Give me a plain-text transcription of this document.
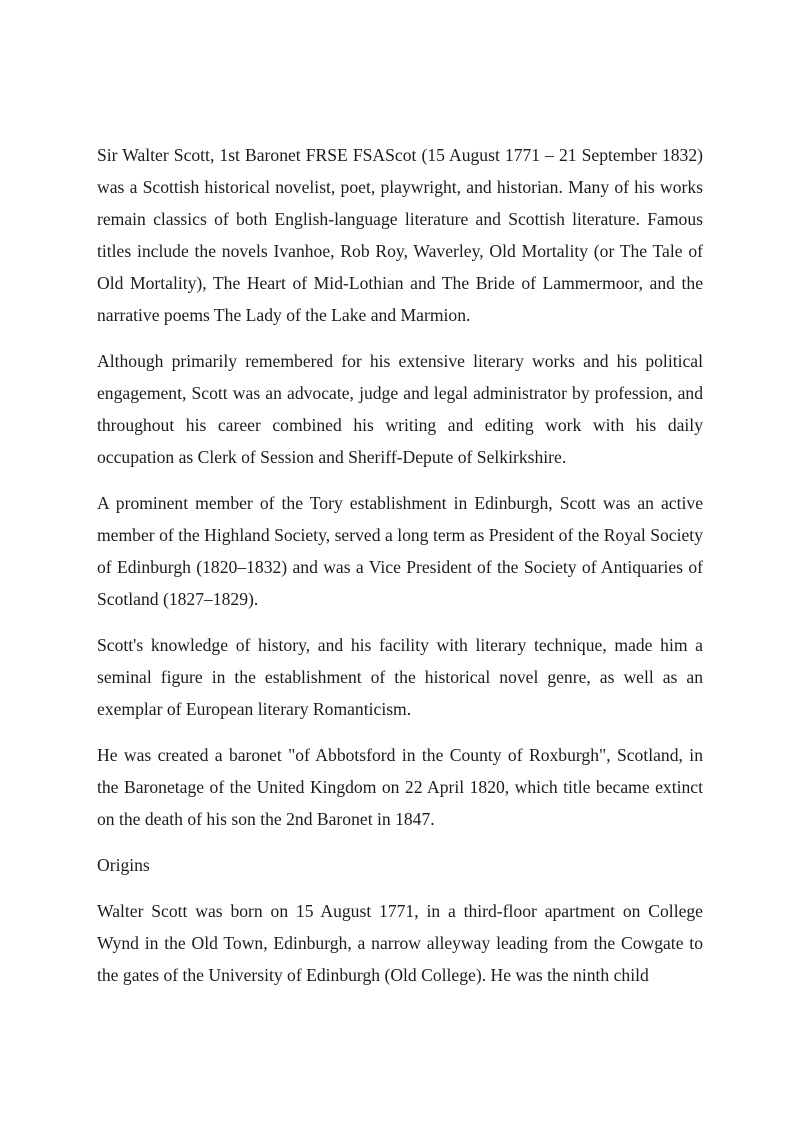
Sir Walter Scott, 1st Baronet FRSE FSAScot (15 August 1771 – 21 September 1832) was a Scottish historical novelist, poet, playwright, and historian. Many of his works remain classics of both English-language literature and Scottish literature. Famous titles include the novels Ivanhoe, Rob Roy, Waverley, Old Mortality (or The Tale of Old Mortality), The Heart of Mid-Lothian and The Bride of Lammermoor, and the narrative poems The Lady of the Lake and Marmion.

Although primarily remembered for his extensive literary works and his political engagement, Scott was an advocate, judge and legal administrator by profession, and throughout his career combined his writing and editing work with his daily occupation as Clerk of Session and Sheriff-Depute of Selkirkshire.

A prominent member of the Tory establishment in Edinburgh, Scott was an active member of the Highland Society, served a long term as President of the Royal Society of Edinburgh (1820–1832) and was a Vice President of the Society of Antiquaries of Scotland (1827–1829).

Scott's knowledge of history, and his facility with literary technique, made him a seminal figure in the establishment of the historical novel genre, as well as an exemplar of European literary Romanticism.

He was created a baronet "of Abbotsford in the County of Roxburgh", Scotland, in the Baronetage of the United Kingdom on 22 April 1820, which title became extinct on the death of his son the 2nd Baronet in 1847.

Origins

Walter Scott was born on 15 August 1771, in a third-floor apartment on College Wynd in the Old Town, Edinburgh, a narrow alleyway leading from the Cowgate to the gates of the University of Edinburgh (Old College). He was the ninth child
